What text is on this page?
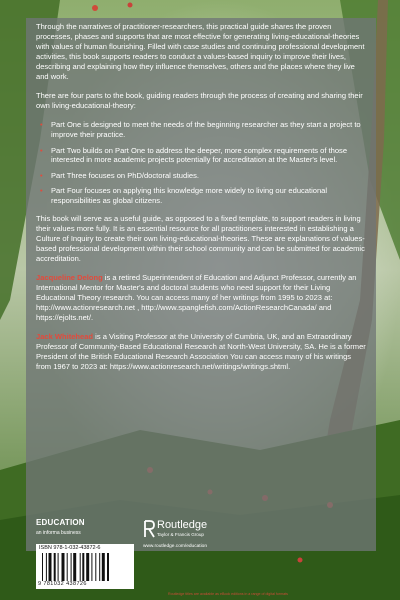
Through the narratives of practitioner-researchers, this practical guide shares the proven processes, phases and supports that are most effective for generating living-educational-theories with values of human flourishing. Filled with case studies and continuing professional development activities, this book supports readers to conduct a values-based inquiry to improve their lives, describing and explaining how they influence themselves, others and the places where they live and work.

There are four parts to the book, guiding readers through the process of creating and sharing their own living-educational-theory:

• Part One is designed to meet the needs of the beginning researcher as they start a project to improve their practice.
• Part Two builds on Part One to address the deeper, more complex requirements of those interested in more academic projects potentially for accreditation at the Master's level.
• Part Three focuses on PhD/doctoral studies.
• Part Four focuses on applying this knowledge more widely to living our educational responsibilities as global citizens.

This book will serve as a useful guide, as opposed to a fixed template, to support readers in living their values more fully. It is an essential resource for all practitioners interested in establishing a Culture of Inquiry to create their own living-educational-theories. These are explanations of values-based professional development within their school community and can be submitted for academic accreditation.

Jacqueline Delong is a retired Superintendent of Education and Adjunct Professor, currently an International Mentor for Master's and doctoral students who need support for their Living Educational Theory research. You can access many of her writings from 1995 to 2023 at: http://www.actionresearch.net , http://www.spanglefish.com/ActionResearchCanada/ and https://ejolts.net/.

Jack Whitehead is a Visiting Professor at the University of Cumbria, UK, and an Extraordinary Professor of Community-Based Educational Research at North-West University, SA. He is a former President of the British Educational Research Association You can access many of his writings from 1967 to 2023 at: https://www.actionresearch.net/writings/writings.shtml.

EDUCATION
an informa business
ISBN 978-1-032-43872-6
9 781032 438726
Routledge
Taylor & Francis Group
www.routledge.com/education
Routledge titles are available as eBook editions in a range of digital formats
